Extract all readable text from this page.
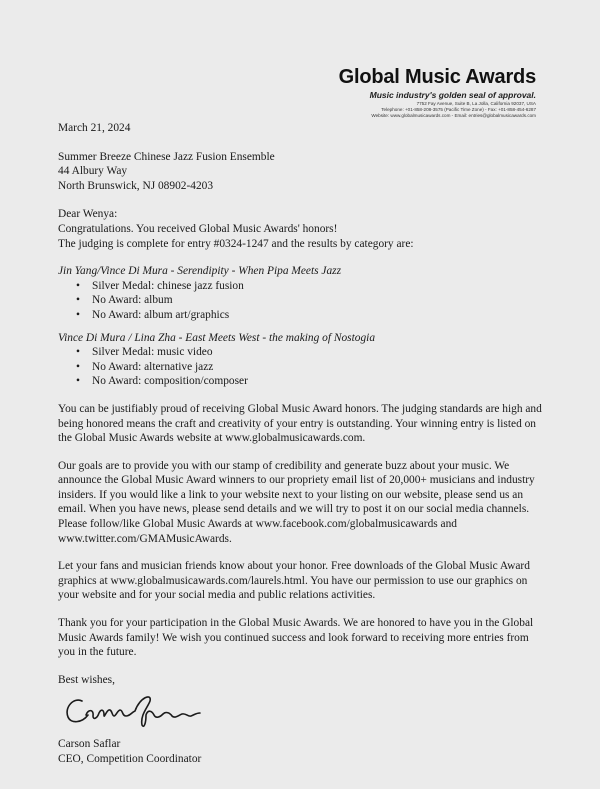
Global Music Awards
Music industry's golden seal of approval.
7752 Fay Avenue, Suite B, La Jolla, California 92037, USA
Telephone: +01-858-208-3575 (Pacific Time Zone) - Fax: +01-858-454-6287
Website: www.globalmusicawards.com - Email: entries@globalmusicawards.com
March 21, 2024
Summer Breeze Chinese Jazz Fusion Ensemble
44 Albury Way
North Brunswick, NJ 08902-4203
Dear Wenya:
Congratulations. You received Global Music Awards' honors!
The judging is complete for entry #0324-1247 and the results by category are:
Jin Yang/Vince Di Mura - Serendipity - When Pipa Meets Jazz
• Silver Medal: chinese jazz fusion
• No Award: album
• No Award: album art/graphics
Vince Di Mura / Lina Zha - East Meets West - the making of Nostogia
• Silver Medal: music video
• No Award: alternative jazz
• No Award: composition/composer

You can be justifiably proud of receiving Global Music Award honors. The judging standards are high and being honored means the craft and creativity of your entry is outstanding. Your winning entry is listed on the Global Music Awards website at www.globalmusicawards.com.

Our goals are to provide you with our stamp of credibility and generate buzz about your music. We announce the Global Music Award winners to our propriety email list of 20,000+ musicians and industry insiders. If you would like a link to your website next to your listing on our website, please send us an email. When you have news, please send details and we will try to post it on our social media channels. Please follow/like Global Music Awards at www.facebook.com/globalmusicawards and www.twitter.com/GMAMusicAwards.

Let your fans and musician friends know about your honor. Free downloads of the Global Music Award graphics at www.globalmusicawards.com/laurels.html. You have our permission to use our graphics on your website and for your social media and public relations activities.

Thank you for your participation in the Global Music Awards. We are honored to have you in the Global Music Awards family! We wish you continued success and look forward to receiving more entries from you in the future.

Best wishes,
Carson Saflar
CEO, Competition Coordinator
